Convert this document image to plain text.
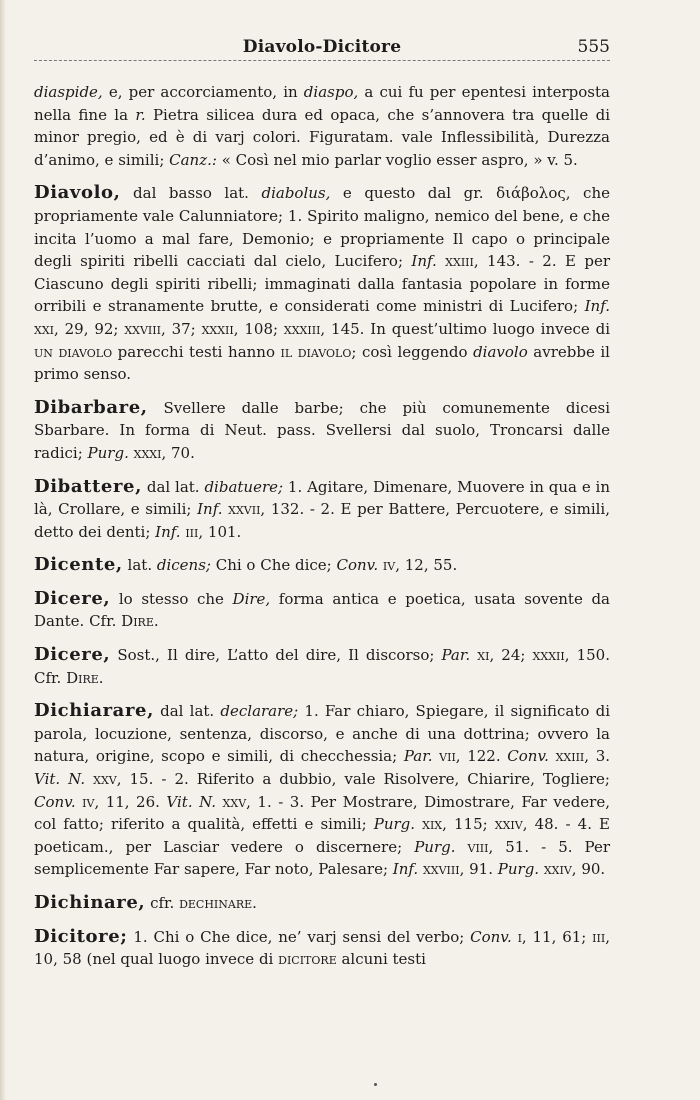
Diavolo-Dicitore	555

diaspide, e, per accorciamento, in diaspo, a cui fu per epentesi interposta nella fine la r. Pietra silicea dura ed opaca, che s’annovera tra quelle di minor pregio, ed è di varj colori. Figuratam. vale Inflessibilità, Durezza d’animo, e simili; Canz.: « Così nel mio parlar voglio esser aspro, » v. 5.

Diavolo, dal basso lat. diabolus, e questo dal gr. διάβολος, che propriamente vale Calunniatore; 1. Spirito maligno, nemico del bene, e che incita l’uomo a mal fare, Demonio; e propriamente Il capo o principale degli spiriti ribelli cacciati dal cielo, Lucifero; Inf. xxiii, 143. - 2. E per Ciascuno degli spiriti ribelli; immaginati dalla fantasia popolare in forme orribili e stranamente brutte, e considerati come ministri di Lucifero; Inf. xxi, 29, 92; xxviii, 37; xxxii, 108; xxxiii, 145. In quest’ultimo luogo invece di un diavolo parecchi testi hanno il diavolo; così leggendo diavolo avrebbe il primo senso.

Dibarbare, Svellere dalle barbe; che più comunemente dicesi Sbarbare. In forma di Neut. pass. Svellersi dal suolo, Troncarsi dalle radici; Purg. xxxi, 70.

Dibattere, dal lat. dibatuere; 1. Agitare, Dimenare, Muovere in qua e in là, Crollare, e simili; Inf. xxvii, 132. - 2. E per Battere, Percuotere, e simili, detto dei denti; Inf. iii, 101.

Dicente, lat. dicens; Chi o Che dice; Conv. iv, 12, 55.

Dicere, lo stesso che Dire, forma antica e poetica, usata sovente da Dante. Cfr. Dire.

Dicere, Sost., Il dire, L’atto del dire, Il discorso; Par. xi, 24; xxxii, 150. Cfr. Dire.

Dichiarare, dal lat. declarare; 1. Far chiaro, Spiegare, il significato di parola, locuzione, sentenza, discorso, e anche di una dottrina; ovvero la natura, origine, scopo e simili, di checchessia; Par. vii, 122. Conv. xxiii, 3. Vit. N. xxv, 15. - 2. Riferito a dubbio, vale Risolvere, Chiarire, Togliere; Conv. iv, 11, 26. Vit. N. xxv, 1. - 3. Per Mostrare, Dimostrare, Far vedere, col fatto; riferito a qualità, effetti e simili; Purg. xix, 115; xxiv, 48. - 4. E poeticam., per Lasciar vedere o discernere; Purg. viii, 51. - 5. Per semplicemente Far sapere, Far noto, Palesare; Inf. xxviii, 91. Purg. xxiv, 90.

Dichinare, cfr. dechinare.

Dicitore; 1. Chi o Che dice, ne’ varj sensi del verbo; Conv. i, 11, 61; iii, 10, 58 (nel qual luogo invece di dicitore alcuni testi
